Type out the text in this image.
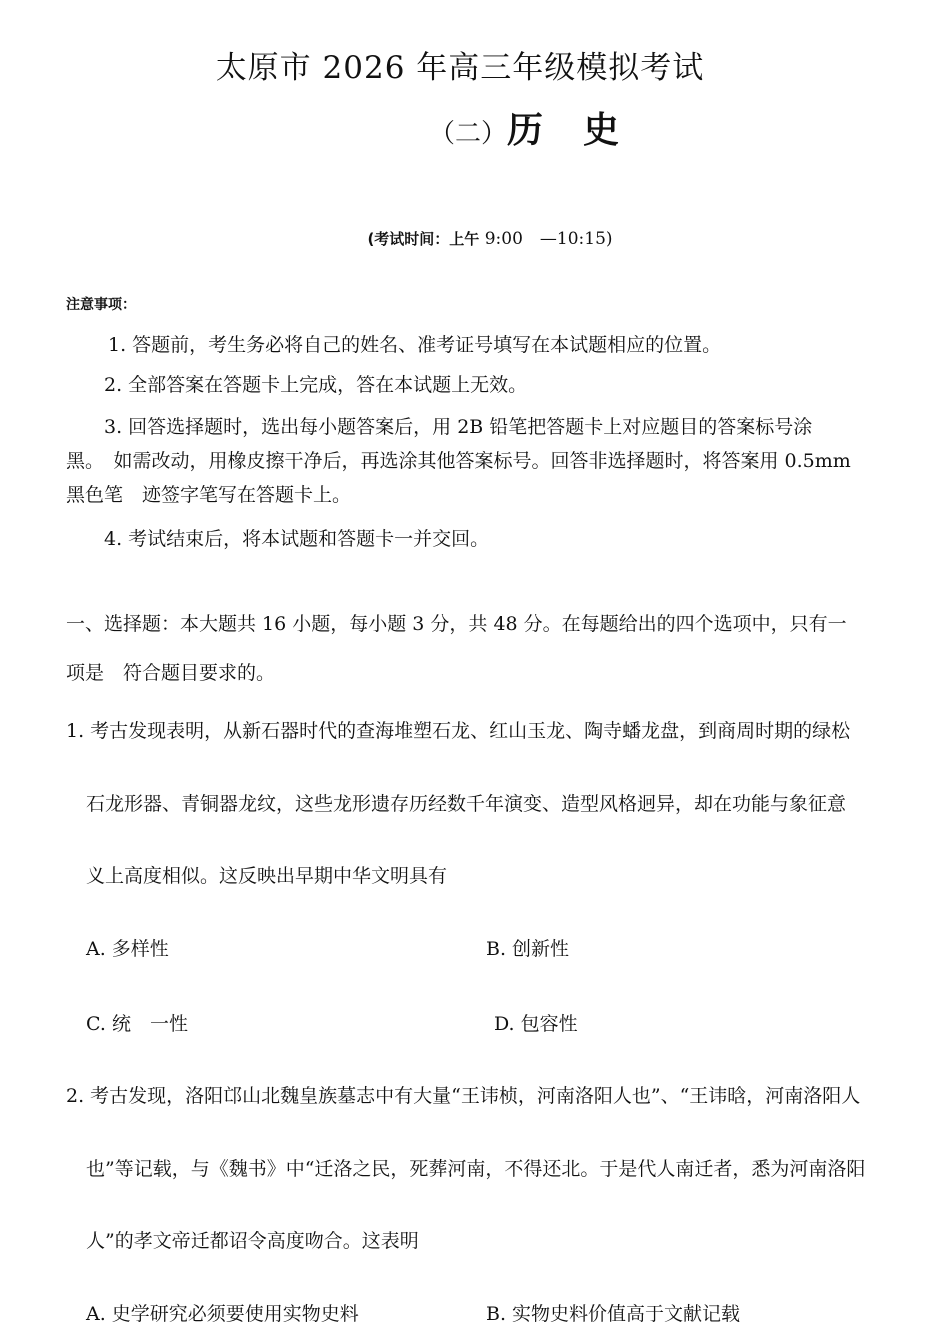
太原市 2026 年高三年级模拟考试
（二）历　史
(考试时间：上午 9:00　—10:15)
注意事项：
1. 答题前，考生务必将自己的姓名、准考证号填写在本试题相应的位置。
2. 全部答案在答题卡上完成，答在本试题上无效。
3. 回答选择题时，选出每小题答案后，用 2B 铅笔把答题卡上对应题目的答案标号涂
黑。　如需改动，用橡皮擦干净后，再选涂其他答案标号。回答非选择题时，将答案用 0.5mm
黑色笔　迹签字笔写在答题卡上。
4. 考试结束后，将本试题和答题卡一并交回。
一、选择题：本大题共 16 小题，每小题 3 分，共 48 分。在每题给出的四个选项中，只有一
项是　符合题目要求的。
1. 考古发现表明，从新石器时代的查海堆塑石龙、红山玉龙、陶寺蟠龙盘，到商周时期的绿松
石龙形器、青铜器龙纹，这些龙形遗存历经数千年演变、造型风格迥异，却在功能与象征意
义上高度相似。这反映出早期中华文明具有
A. 多样性	B. 创新性
C. 统　一性	D. 包容性
2. 考古发现，洛阳邙山北魏皇族墓志中有大量“王讳桢，河南洛阳人也”、“王讳晗，河南洛阳人
也”等记载，与《魏书》中“迁洛之民，死葬河南，不得还北。于是代人南迁者，悉为河南洛阳
人”的孝文帝迁都诏令高度吻合。这表明
A. 史学研究必须要使用实物史料	B. 实物史料价值高于文献记载
